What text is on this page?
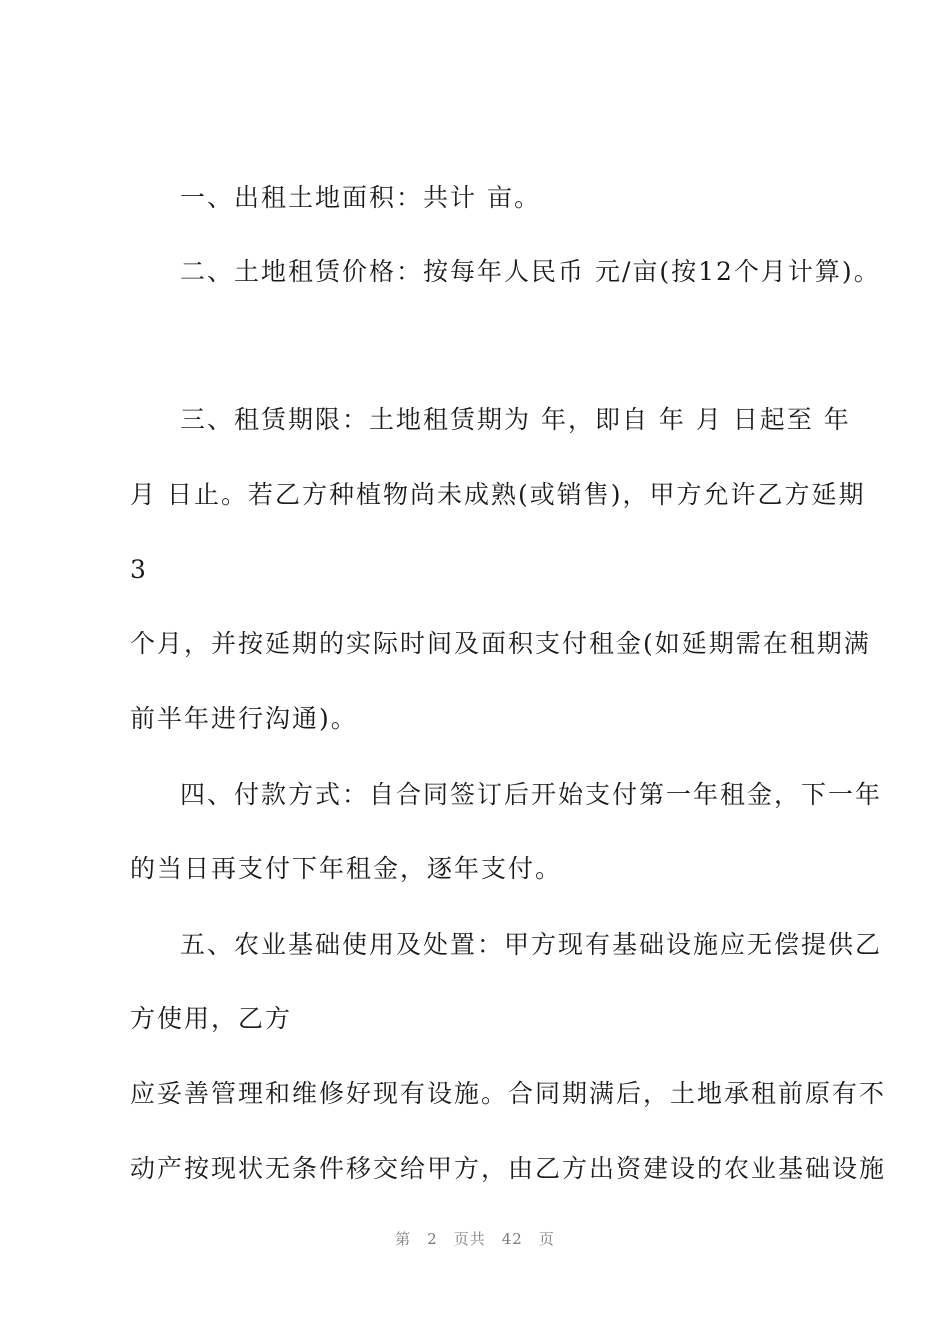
一、出租土地面积：共计 亩。
二、土地租赁价格：按每年人民币 元/亩(按12个月计算)。
三、租赁期限：土地租赁期为 年，即自 年 月 日起至 年
月 日止。若乙方种植物尚未成熟(或销售)，甲方允许乙方延期
3
个月，并按延期的实际时间及面积支付租金(如延期需在租期满
前半年进行沟通)。
四、付款方式：自合同签订后开始支付第一年租金，下一年
的当日再支付下年租金，逐年支付。
五、农业基础使用及处置：甲方现有基础设施应无偿提供乙
方使用，乙方
应妥善管理和维修好现有设施。合同期满后，土地承租前原有不
动产按现状无条件移交给甲方，由乙方出资建设的农业基础设施
第 2 页共 42 页
